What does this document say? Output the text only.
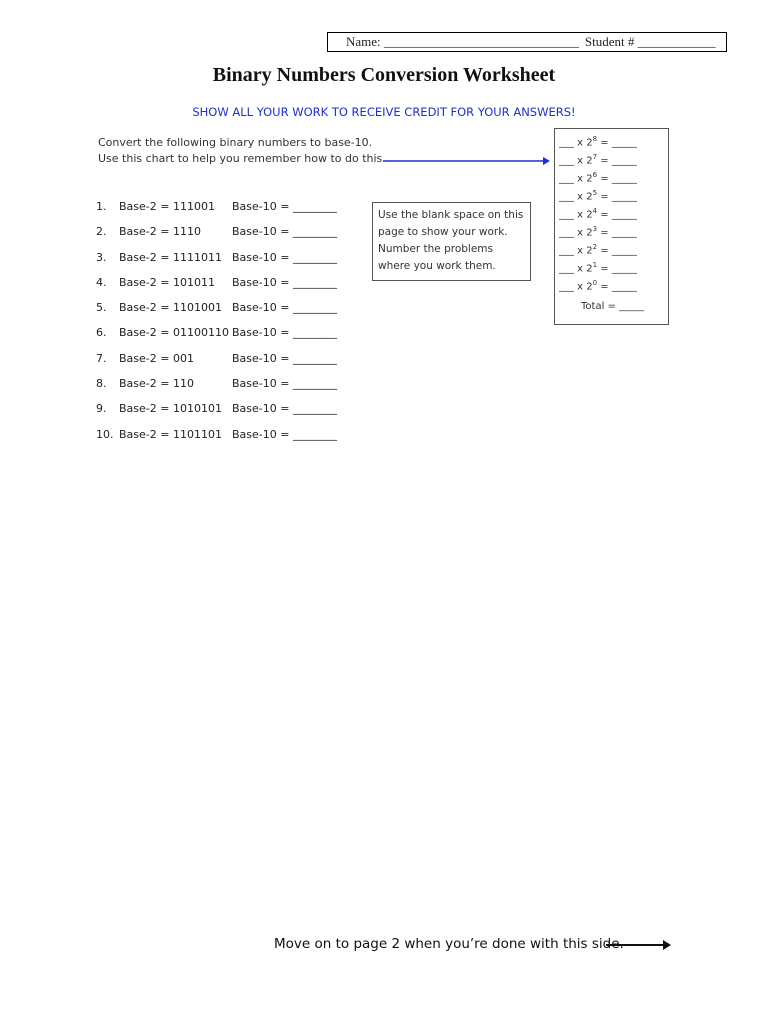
Name: ______________________________ Student # ____________
Binary Numbers Conversion Worksheet
SHOW ALL YOUR WORK TO RECEIVE CREDIT FOR YOUR ANSWERS!
Convert the following binary numbers to base-10.
Use this chart to help you remember how to do this.
1. Base-2 = 111001 Base-10 = ________
2. Base-2 = 1110	Base-10 = ________
3. Base-2 = 1111011 Base-10 = ________
4. Base-2 = 101011 Base-10 = ________
5. Base-2 = 1101001 Base-10 = ________
6. Base-2 = 01100110 Base-10 = ________
7. Base-2 = 001	Base-10 = ________
8. Base-2 = 110	Base-10 = ________
9. Base-2 = 1010101 Base-10 = ________
10. Base-2 = 1101101 Base-10 = ________
Use the blank space on this page to show your work. Number the problems where you work them.
___ x $2^8$ = _____
___ x $2^7$ = _____
___ x $2^6$ = _____
___ x $2^5$ = _____
___ x $2^4$ = _____
___ x $2^3$ = _____
___ x $2^2$ = _____
___ x $2^1$ = _____
___ x $2^0$ = _____
Total = _____
Move on to page 2 when you’re done with this side.
